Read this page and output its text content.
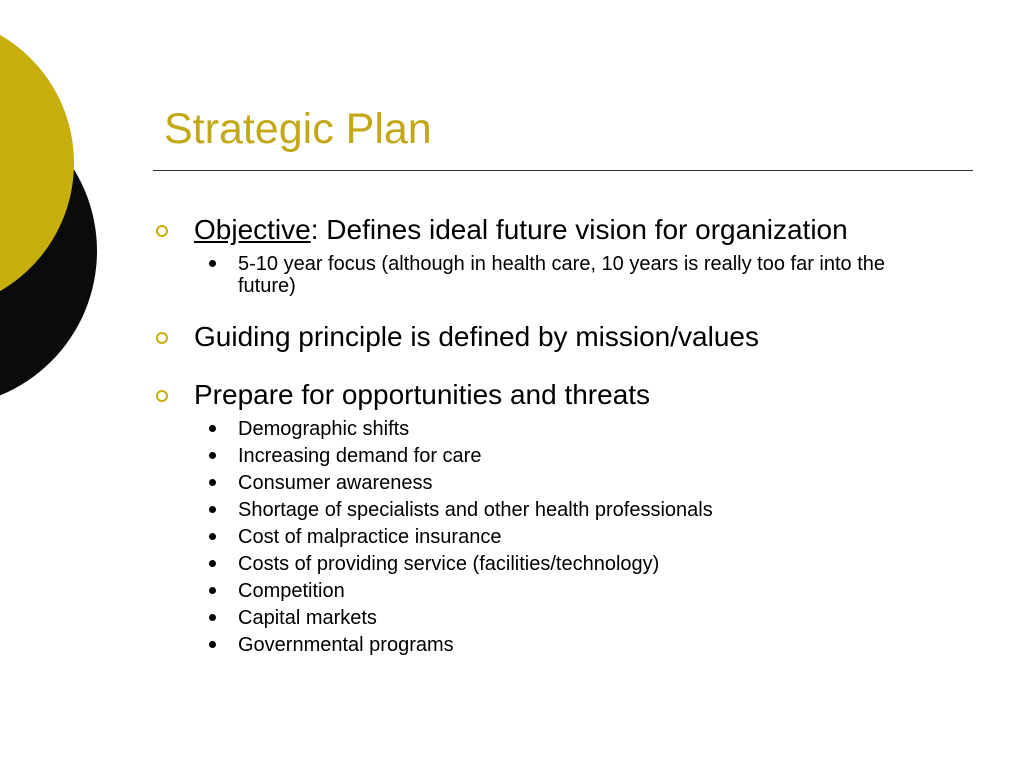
Strategic Plan
Objective: Defines ideal future vision for organization
5-10 year focus (although in health care, 10 years is really too far into the future)
Guiding principle is defined by mission/values
Prepare for opportunities and threats
Demographic shifts
Increasing demand for care
Consumer awareness
Shortage of specialists and other health professionals
Cost of malpractice insurance
Costs of providing service (facilities/technology)
Competition
Capital markets
Governmental programs
